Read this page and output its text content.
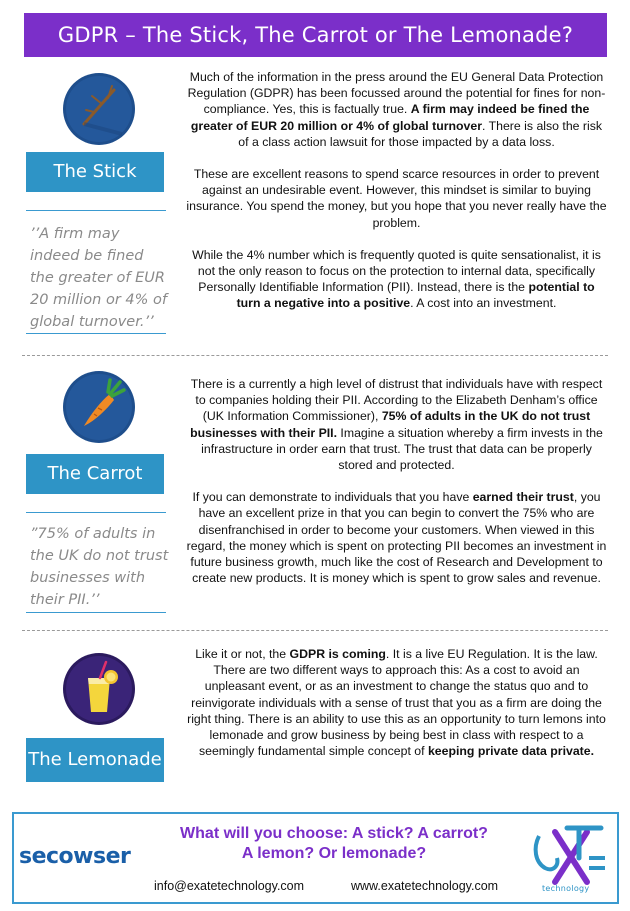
GDPR – The Stick, The Carrot or The Lemonade?
The Stick
’’A firm may indeed be fined the greater of EUR 20 million or 4% of global turnover.’’

Much of the information in the press around the EU General Data Protection Regulation (GDPR) has been focussed around the potential for fines for non-compliance. Yes, this is factually true. A firm may indeed be fined the greater of EUR 20 million or 4% of global turnover. There is also the risk of a class action lawsuit for those impacted by a data loss.

These are excellent reasons to spend scarce resources in order to prevent against an undesirable event. However, this mindset is similar to buying insurance. You spend the money, but you hope that you never really have the problem.

While the 4% number which is frequently quoted is quite sensationalist, it is not the only reason to focus on the protection to internal data, specifically Personally Identifiable Information (PII). Instead, there is the potential to turn a negative into a positive. A cost into an investment.

The Carrot
”75% of adults in the UK do not trust businesses with their PII.’’

There is a currently a high level of distrust that individuals have with respect to companies holding their PII. According to the Elizabeth Denham’s office (UK Information Commissioner), 75% of adults in the UK do not trust businesses with their PII. Imagine a situation whereby a firm invests in the infrastructure in order earn that trust. The trust that data can be properly stored and protected.

If you can demonstrate to individuals that you have earned their trust, you have an excellent prize in that you can begin to convert the 75% who are disenfranchised in order to become your customers. When viewed in this regard, the money which is spent on protecting PII becomes an investment in future business growth, much like the cost of Research and Development to create new products. It is money which is spent to grow sales and revenue.

The Lemonade

Like it or not, the GDPR is coming. It is a live EU Regulation. It is the law. There are two different ways to approach this: As a cost to avoid an unpleasant event, or as an investment to change the status quo and to reinvigorate individuals with a sense of trust that you as a firm are doing the right thing. There is an ability to use this as an opportunity to turn lemons into lemonade and grow business by being best in class with respect to a seemingly fundamental simple concept of keeping private data private.

secowser
What will you choose: A stick? A carrot? A lemon? Or lemonade?
info@exatetechnology.com	www.exatetechnology.com	technology
